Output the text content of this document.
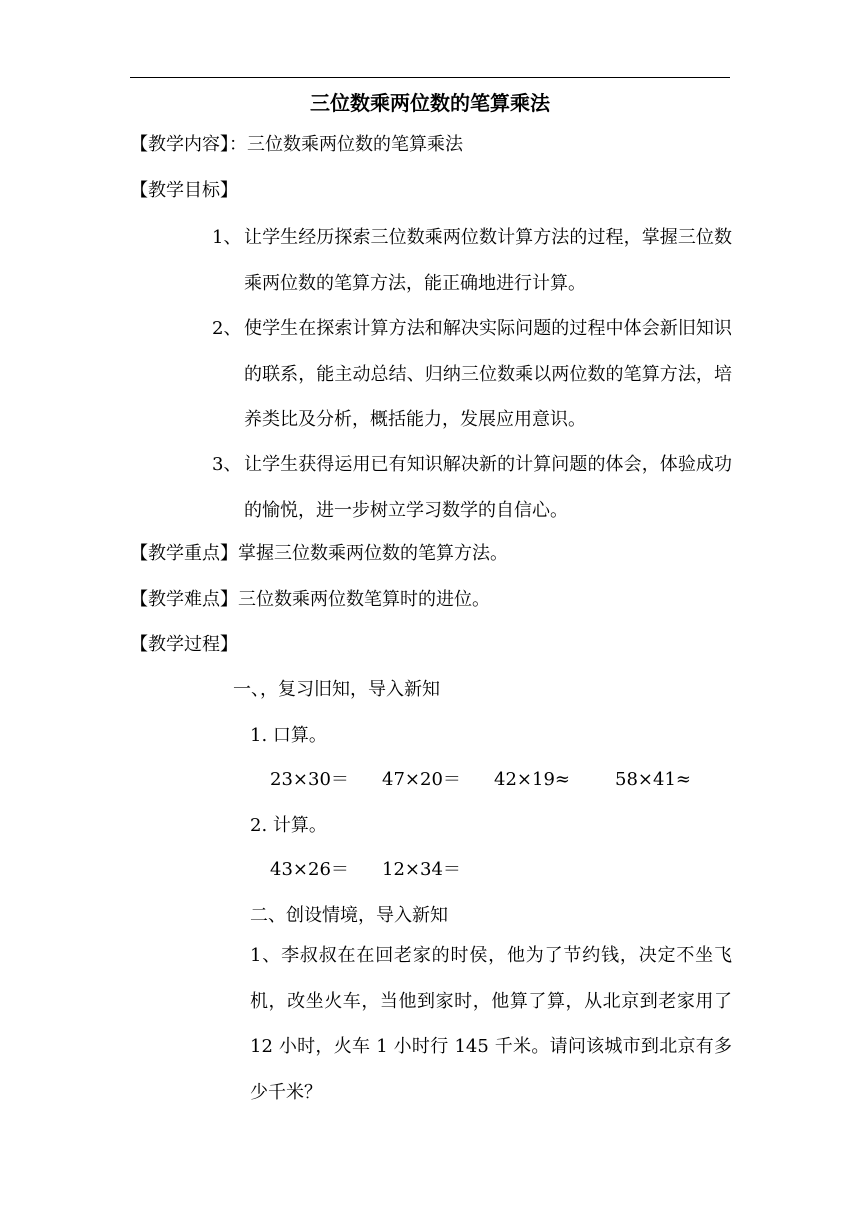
三位数乘两位数的笔算乘法
【教学内容】：三位数乘两位数的笔算乘法
【教学目标】
1、 让学生经历探索三位数乘两位数计算方法的过程，掌握三位数乘两位数的笔算方法，能正确地进行计算。
2、 使学生在探索计算方法和解决实际问题的过程中体会新旧知识的联系，能主动总结、归纳三位数乘以两位数的笔算方法，培养类比及分析，概括能力，发展应用意识。
3、 让学生获得运用已有知识解决新的计算问题的体会，体验成功的愉悦，进一步树立学习数学的自信心。
【教学重点】掌握三位数乘两位数的笔算方法。
【教学难点】三位数乘两位数笔算时的进位。
【教学过程】
一、，复习旧知，导入新知
1. 口算。
23×30＝ 47×20＝ 42×19≈	58×41≈
2. 计算。
43×26＝ 12×34＝
二、创设情境，导入新知
1、李叔叔在在回老家的时侯，他为了节约钱，决定不坐飞机，改坐火车，当他到家时，他算了算，从北京到老家用了 12 小时，火车 1 小时行 145 千米。请问该城市到北京有多少千米？
